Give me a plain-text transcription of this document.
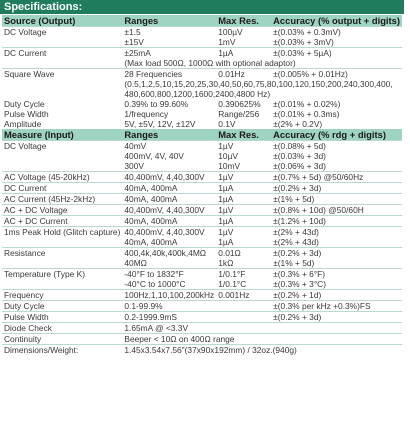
Specifications:
Source (Output)	Ranges	Max Res.	Accuracy (% output + digits)
DC Voltage	±1.5	100µV	±(0.03% + 0.3mV)
	±15V	1mV	±(0.03% + 3mV)
DC Current	±25mA	1µA	±(0.03% + 5µA)
	(Max load 500Ω, 1000Ω with optional adaptor)		
Square Wave	28 Frequencies	0.01Hz	±(0.005% + 0.01Hz)
	(0.5,1,2,5,10,15,20,25,30,40,50,60,75,80,100,120,150,200,240,300,400, 480,600,800,1200,1600,2400,4800 Hz)		
Duty Cycle	0.39% to 99.60%	0.390625%	±(0.01% + 0.02%)
Pulse Width	1/frequency	Range/256	±(0.01% + 0.3ms)
Amplitude	5V, ±5V, 12V, ±12V	0.1V	±(2% + 0.2V)
Measure (Input)	Ranges	Max Res.	Accuracy (% rdg + digits)
DC Voltage	40mV	1µV	±(0.08% + 5d)
	400mV, 4V, 40V	10µV	±(0.03% + 3d)
	300V	10mV	±(0.06% + 3d)
AC Voltage (45-20kHz)	40,400mV, 4,40,300V	1µV	±(0.7% + 5d) @50/60Hz
DC Current	40mA, 400mA	1µA	±(0.2% + 3d)
AC Current (45Hz-2kHz)	40mA, 400mA	1µA	±(1% + 5d)
AC + DC Voltage	40,400mV, 4,40,300V	1µV	±(0.8% + 10d) @50/60H
AC + DC Current	40mA, 400mA	1µA	±(1.2% + 10d)
1ms Peak Hold (Glitch capture)	40,400mV, 4,40,300V	1µV	±(2% + 43d)
	40mA, 400mA	1µA	±(2% + 43d)
Resistance	400,4k,40k,400k,4MΩ	0.01Ω	±(0.2% + 3d)
	40MΩ	1kΩ	±(1% + 5d)
Temperature (Type K)	-40°F to 1832°F	1/0.1°F	±(0.3% + 6°F)
	-40°C to 1000°C	1/0.1°C	±(0.3% + 3°C)
Frequency	100Hz,1,10,100,200kHz	0.001Hz	±(0.2% + 1d)
Duty Cycle	0.1-99.9%		±(0.3% per kHz +0.3%)FS
Pulse Width	0.2-1999.9mS		±(0.2% + 3d)
Diode Check	1.65mA @ <3.3V		
Continuity	Beeper < 10Ω on 400Ω range		
Dimensions/Weight:	1.45x3.54x7.56"(37x90x192mm) / 32oz.(940g)		
